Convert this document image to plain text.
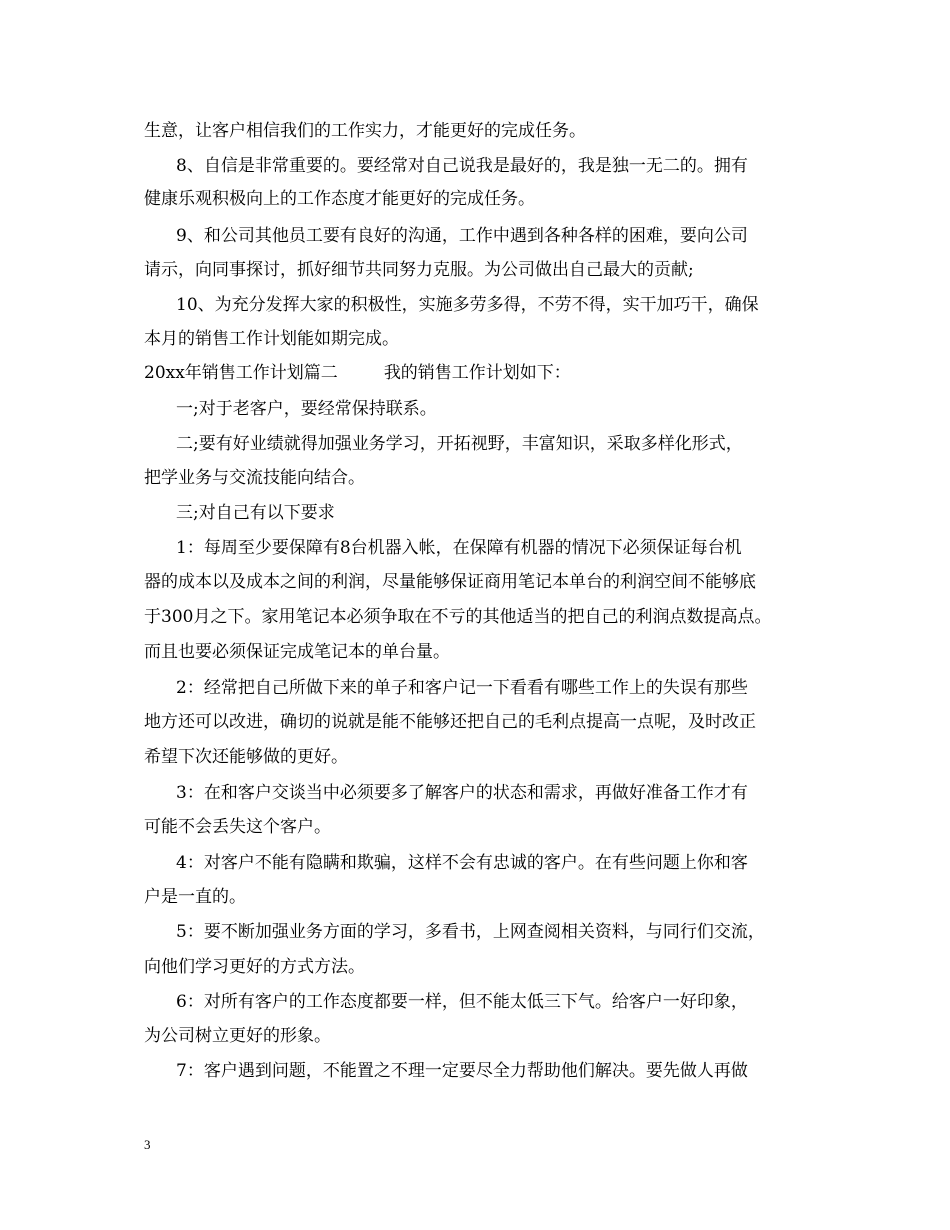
生意，让客户相信我们的工作实力，才能更好的完成任务。

8、自信是非常重要的。要经常对自己说我是最好的，我是独一无二的。拥有

健康乐观积极向上的工作态度才能更好的完成任务。

9、和公司其他员工要有良好的沟通，工作中遇到各种各样的困难，要向公司

请示，向同事探讨，抓好细节共同努力克服。为公司做出自己最大的贡献;

10、为充分发挥大家的积极性，实施多劳多得，不劳不得，实干加巧干，确保

本月的销售工作计划能如期完成。

20xx年销售工作计划篇二	我的销售工作计划如下：

一;对于老客户，要经常保持联系。

二;要有好业绩就得加强业务学习，开拓视野，丰富知识，采取多样化形式，

把学业务与交流技能向结合。

三;对自己有以下要求

1：每周至少要保障有8台机器入帐，在保障有机器的情况下必须保证每台机

器的成本以及成本之间的利润，尽量能够保证商用笔记本单台的利润空间不能够底

于300月之下。家用笔记本必须争取在不亏的其他适当的把自己的利润点数提高点。

而且也要必须保证完成笔记本的单台量。

2：经常把自己所做下来的单子和客户记一下看看有哪些工作上的失误有那些

地方还可以改进，确切的说就是能不能够还把自己的毛利点提高一点呢，及时改正

希望下次还能够做的更好。

3：在和客户交谈当中必须要多了解客户的状态和需求，再做好准备工作才有

可能不会丢失这个客户。

4：对客户不能有隐瞒和欺骗，这样不会有忠诚的客户。在有些问题上你和客

户是一直的。

5：要不断加强业务方面的学习，多看书，上网查阅相关资料，与同行们交流，

向他们学习更好的方式方法。

6：对所有客户的工作态度都要一样，但不能太低三下气。给客户一好印象，

为公司树立更好的形象。

7：客户遇到问题，不能置之不理一定要尽全力帮助他们解决。要先做人再做

3
